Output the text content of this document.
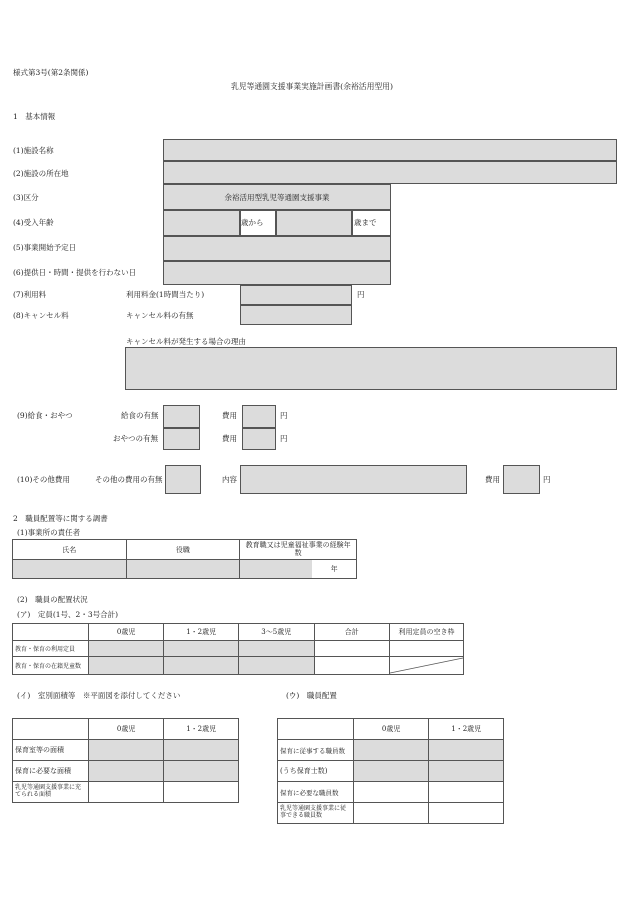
様式第3号(第2条関係)
乳児等通園支援事業実施計画書(余裕活用型用)
1　基本情報
(1)施設名称
(2)施設の所在地
(3)区分	余裕活用型乳児等通園支援事業
(4)受入年齢	歳から	歳まで
(5)事業開始予定日
(6)提供日・時間・提供を行わない日
(7)利用料	利用料金(1時間当たり)	円
(8)キャンセル料	キャンセル料の有無
キャンセル料が発生する場合の理由
(9)給食・おやつ	給食の有無	費用	円
おやつの有無	費用	円
(10)その他費用	その他の費用の有無	内容	費用	円
2　職員配置等に関する調書
(1)事業所の責任者
氏名	役職	教育職又は児童福祉事業の経験年数

		年
(2)　職員の配置状況
(ア)　定員(1号、2・3号合計)
	0歳児	1・2歳児	3～5歳児	合計	利用定員の空き枠
教育・保育の利用定員					
教育・保育の在籍児童数					
(イ)　室別面積等　※平面図を添付してください	(ウ)　職員配置
	0歳児	1・2歳児
保育室等の面積		
保育に必要な面積		
乳児等通園支援事業に充てられる面積		
	0歳児	1・2歳児
保育に従事する職員数		
(うち保育士数)		
保育に必要な職員数		
乳児等通園支援事業に従事できる職員数		
